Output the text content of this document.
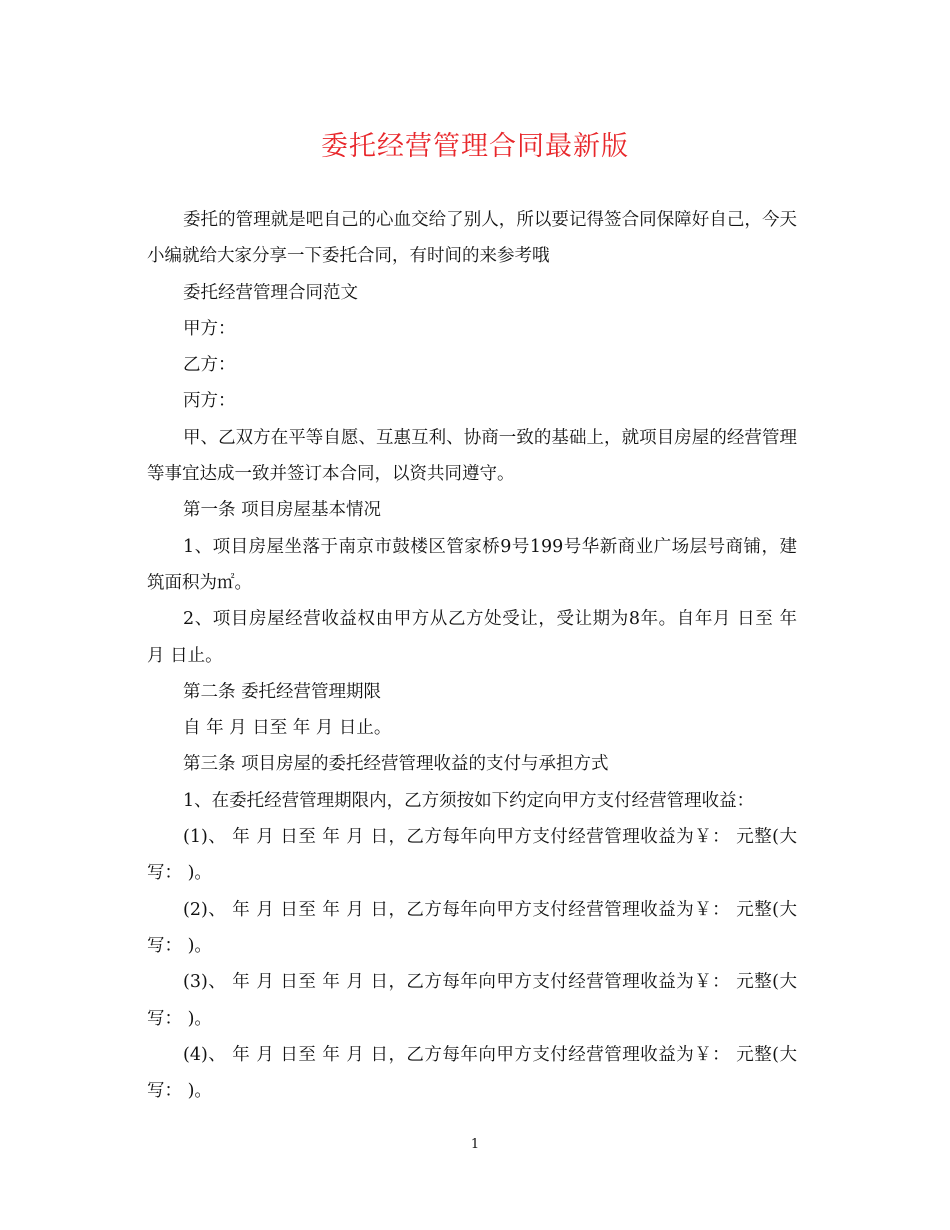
委托经营管理合同最新版

委托的管理就是吧自己的心血交给了别人，所以要记得签合同保障好自己，今天小编就给大家分享一下委托合同，有时间的来参考哦

委托经营管理合同范文

甲方：

乙方：

丙方：

甲、乙双方在平等自愿、互惠互利、协商一致的基础上，就项目房屋的经营管理等事宜达成一致并签订本合同，以资共同遵守。

第一条 项目房屋基本情况

1、项目房屋坐落于南京市鼓楼区管家桥9号199号华新商业广场层号商铺，建筑面积为㎡。

2、项目房屋经营收益权由甲方从乙方处受让，受让期为8年。自年月 日至 年 月 日止。

第二条 委托经营管理期限

自 年 月 日至 年 月 日止。

第三条 项目房屋的委托经营管理收益的支付与承担方式

1、在委托经营管理期限内，乙方须按如下约定向甲方支付经营管理收益：

(1)、 年 月 日至 年 月 日，乙方每年向甲方支付经营管理收益为￥： 元整(大写： )。

(2)、 年 月 日至 年 月 日，乙方每年向甲方支付经营管理收益为￥： 元整(大写： )。

(3)、 年 月 日至 年 月 日，乙方每年向甲方支付经营管理收益为￥： 元整(大写： )。

(4)、 年 月 日至 年 月 日，乙方每年向甲方支付经营管理收益为￥： 元整(大写： )。

1
